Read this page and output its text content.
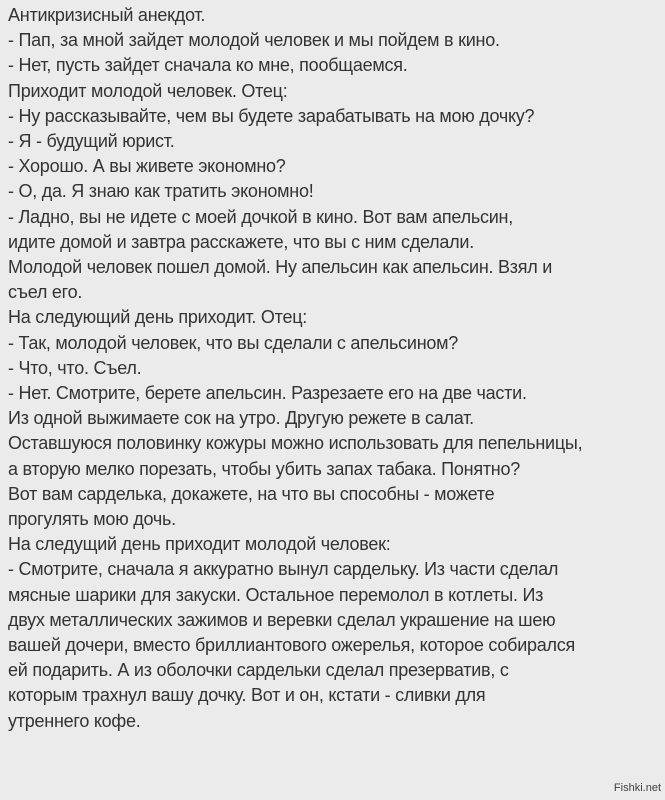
Антикризисный анекдот.
- Пап, за мной зайдет молодой человек и мы пойдем в кино.
- Нет, пусть зайдет сначала ко мне, пообщаемся.
Приходит молодой человек. Отец:
- Ну рассказывайте, чем вы будете зарабатывать на мою дочку?
- Я - будущий юрист.
- Хорошо. А вы живете экономно?
- О, да. Я знаю как тратить экономно!
- Ладно, вы не идете с моей дочкой в кино. Вот вам апельсин,
идите домой и завтра расскажете, что вы с ним сделали.
Молодой человек пошел домой. Ну апельсин как апельсин. Взял и
съел его.
На следующий день приходит. Отец:
- Так, молодой человек, что вы сделали с апельсином?
- Что, что. Съел.
- Нет. Смотрите, берете апельсин. Разрезаете его на две части.
Из одной выжимаете сок на утро. Другую режете в салат.
Оставшуюся половинку кожуры можно использовать для пепельницы,
а вторую мелко порезать, чтобы убить запах табака. Понятно?
Вот вам сарделька, докажете, на что вы способны - можете
прогулять мою дочь.
На следущий день приходит молодой человек:
- Смотрите, сначала я аккуратно вынул сардельку. Из части сделал
мясные шарики для закуски. Остальное перемолол в котлеты. Из
двух металлических зажимов и веревки сделал украшение на шею
вашей дочери, вместо бриллиантового ожерелья, которое собирался
ей подарить. А из оболочки сардельки сделал презерватив, с
которым трахнул вашу дочку. Вот и он, кстати - сливки для
утреннего кофе.
Fishki.net
